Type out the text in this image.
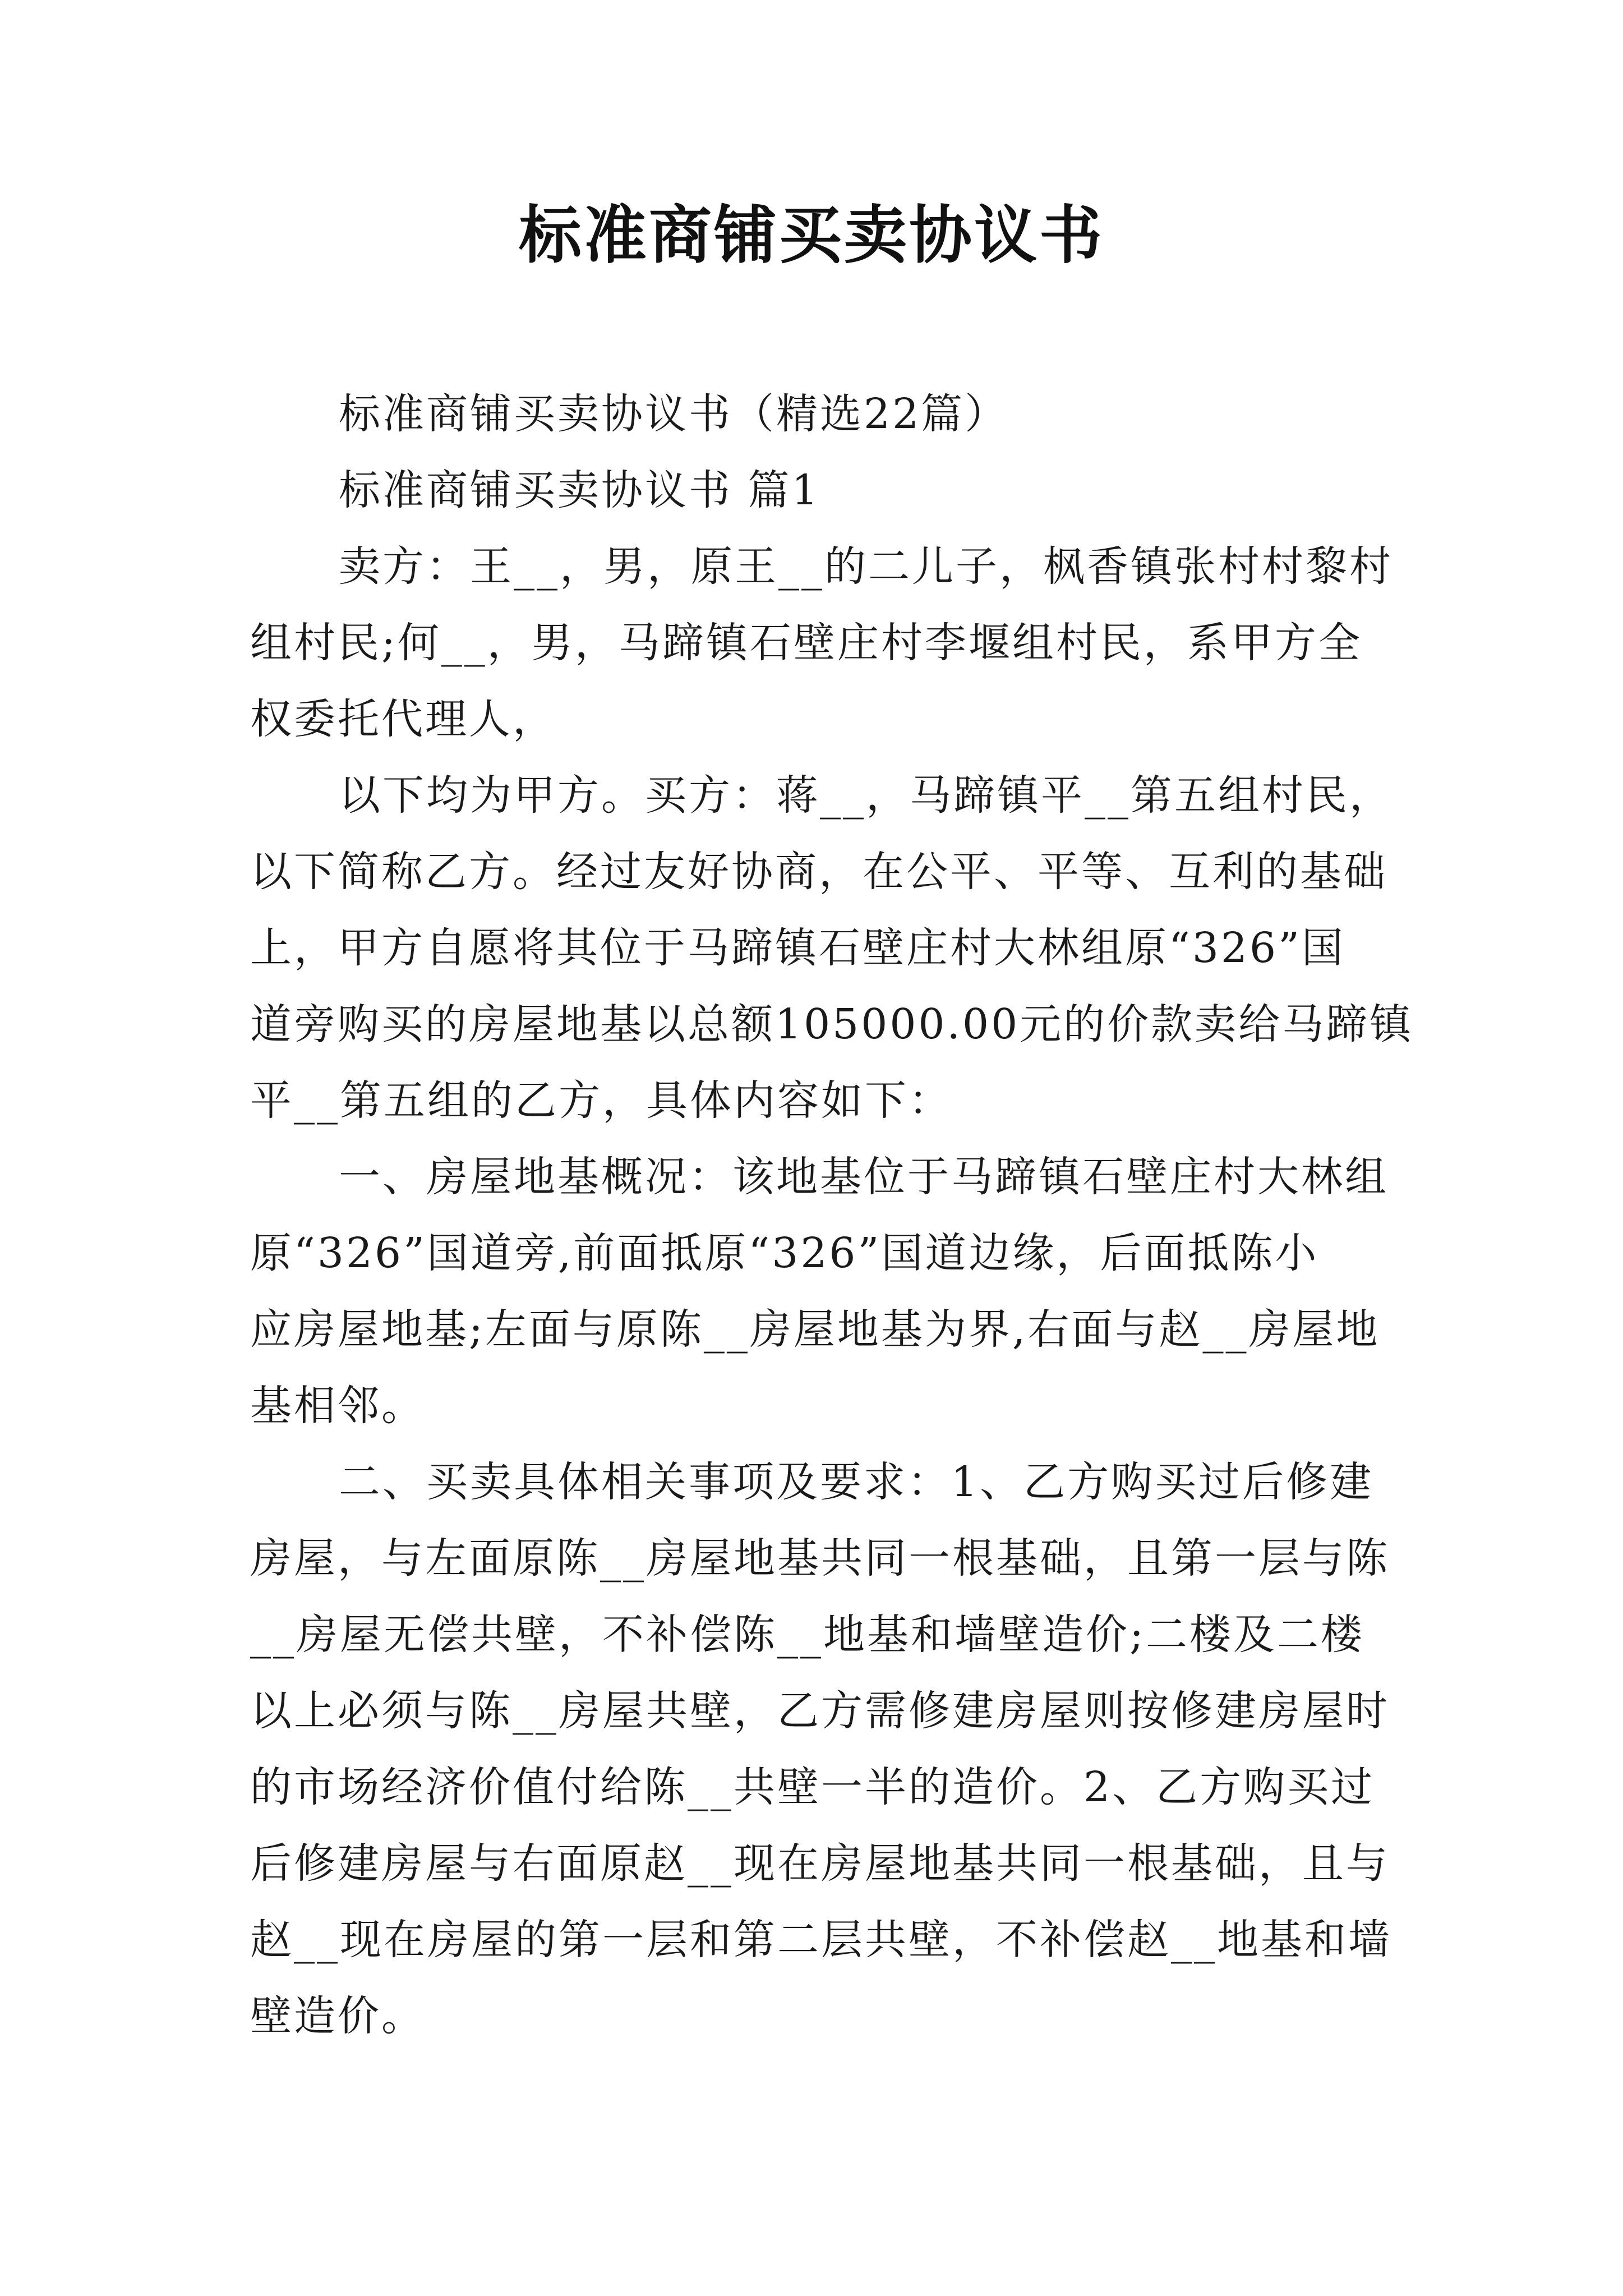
标准商铺买卖协议书
标准商铺买卖协议书（精选22篇）
标准商铺买卖协议书 篇1
卖方：王__，男，原王__的二儿子，枫香镇张村村黎村
组村民;何__，男，马蹄镇石壁庄村李堰组村民，系甲方全
权委托代理人，
以下均为甲方。买方：蒋__，马蹄镇平__第五组村民，
以下简称乙方。经过友好协商，在公平、平等、互利的基础
上，甲方自愿将其位于马蹄镇石壁庄村大林组原“326”国
道旁购买的房屋地基以总额105000.00元的价款卖给马蹄镇
平__第五组的乙方，具体内容如下：
一、房屋地基概况：该地基位于马蹄镇石壁庄村大林组
原“326”国道旁,前面抵原“326”国道边缘，后面抵陈小
应房屋地基;左面与原陈__房屋地基为界,右面与赵__房屋地
基相邻。
二、买卖具体相关事项及要求：1、乙方购买过后修建
房屋，与左面原陈__房屋地基共同一根基础，且第一层与陈
__房屋无偿共壁，不补偿陈__地基和墙壁造价;二楼及二楼
以上必须与陈__房屋共壁，乙方需修建房屋则按修建房屋时
的市场经济价值付给陈__共壁一半的造价。2、乙方购买过
后修建房屋与右面原赵__现在房屋地基共同一根基础，且与
赵__现在房屋的第一层和第二层共壁，不补偿赵__地基和墙
壁造价。
